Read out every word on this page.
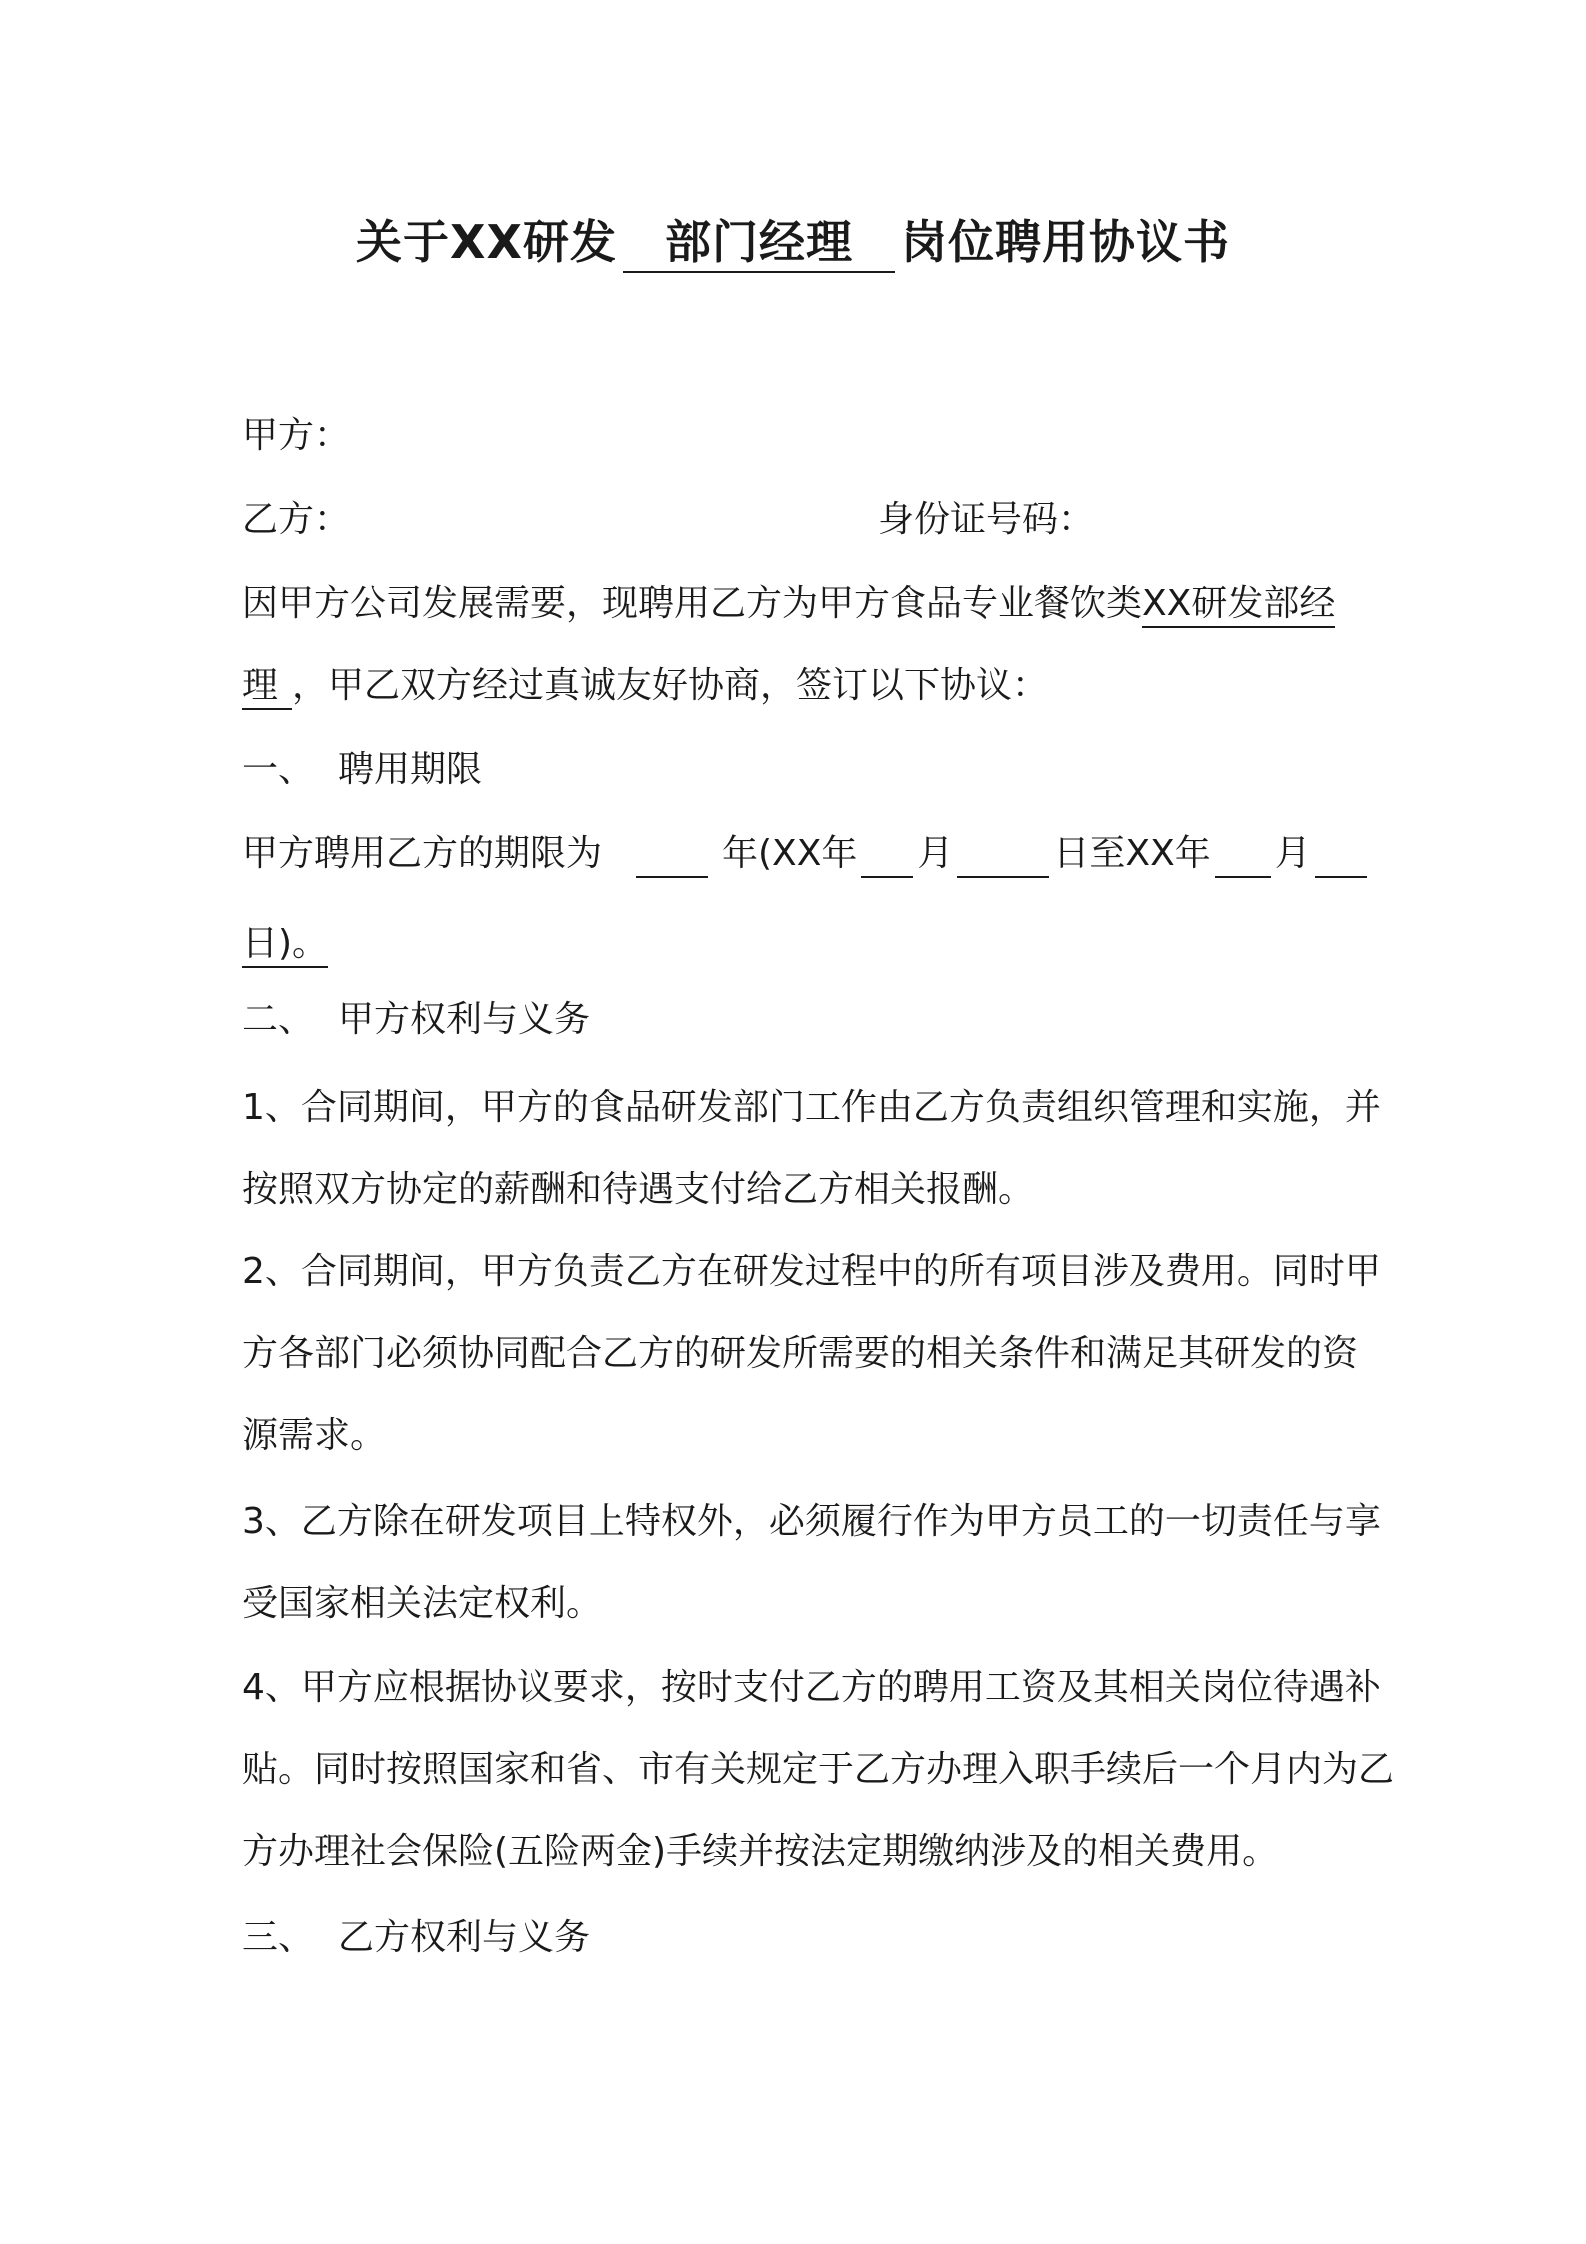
关于XX研发 部门经理 岗位聘用协议书
甲方：
乙方：	身份证号码：
因甲方公司发展需要，现聘用乙方为甲方食品专业餐饮类XX研发部经
理 ，甲乙双方经过真诚友好协商，签订以下协议：
一、 聘用期限
甲方聘用乙方的期限为	年(XX年 月	日至XX年 月
日)。
二、 甲方权利与义务
1、合同期间，甲方的食品研发部门工作由乙方负责组织管理和实施，并
按照双方协定的薪酬和待遇支付给乙方相关报酬。
2、合同期间，甲方负责乙方在研发过程中的所有项目涉及费用。同时甲
方各部门必须协同配合乙方的研发所需要的相关条件和满足其研发的资
源需求。
3、乙方除在研发项目上特权外，必须履行作为甲方员工的一切责任与享
受国家相关法定权利。
4、甲方应根据协议要求，按时支付乙方的聘用工资及其相关岗位待遇补
贴。同时按照国家和省、市有关规定于乙方办理入职手续后一个月内为乙
方办理社会保险(五险两金)手续并按法定期缴纳涉及的相关费用。
三、 乙方权利与义务
